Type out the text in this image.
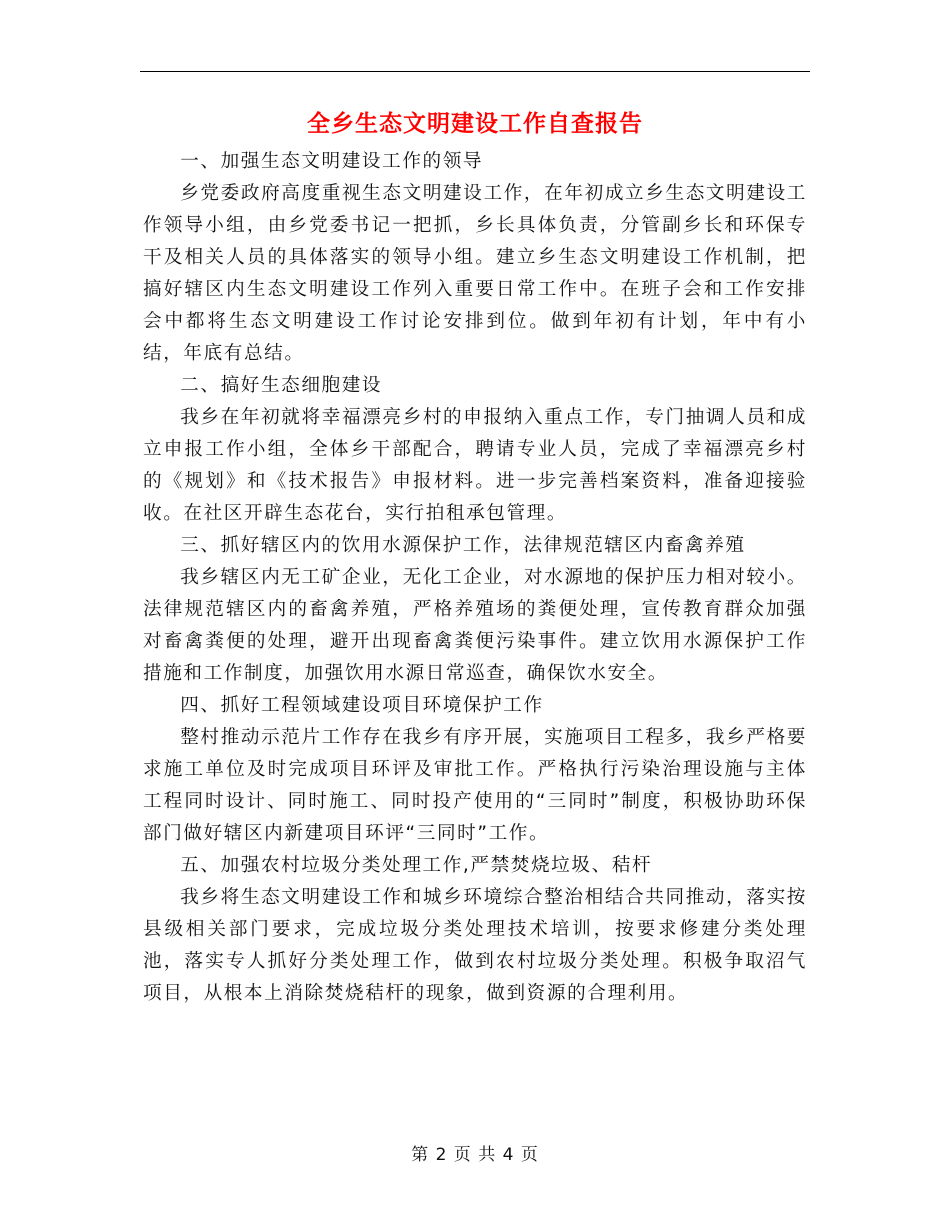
全乡生态文明建设工作自查报告

一、加强生态文明建设工作的领导

乡党委政府高度重视生态文明建设工作，在年初成立乡生态文明建设工作领导小组，由乡党委书记一把抓，乡长具体负责，分管副乡长和环保专干及相关人员的具体落实的领导小组。建立乡生态文明建设工作机制，把搞好辖区内生态文明建设工作列入重要日常工作中。在班子会和工作安排会中都将生态文明建设工作讨论安排到位。做到年初有计划，年中有小结，年底有总结。

二、搞好生态细胞建设

我乡在年初就将幸福漂亮乡村的申报纳入重点工作，专门抽调人员和成立申报工作小组，全体乡干部配合，聘请专业人员，完成了幸福漂亮乡村的《规划》和《技术报告》申报材料。进一步完善档案资料，准备迎接验收。在社区开辟生态花台，实行拍租承包管理。

三、抓好辖区内的饮用水源保护工作，法律规范辖区内畜禽养殖

我乡辖区内无工矿企业，无化工企业，对水源地的保护压力相对较小。法律规范辖区内的畜禽养殖，严格养殖场的粪便处理，宣传教育群众加强对畜禽粪便的处理，避开出现畜禽粪便污染事件。建立饮用水源保护工作措施和工作制度，加强饮用水源日常巡查，确保饮水安全。

四、抓好工程领域建设项目环境保护工作

整村推动示范片工作存在我乡有序开展，实施项目工程多，我乡严格要求施工单位及时完成项目环评及审批工作。严格执行污染治理设施与主体工程同时设计、同时施工、同时投产使用的“三同时”制度，积极协助环保部门做好辖区内新建项目环评“三同时”工作。

五、加强农村垃圾分类处理工作,严禁焚烧垃圾、秸杆

我乡将生态文明建设工作和城乡环境综合整治相结合共同推动，落实按县级相关部门要求，完成垃圾分类处理技术培训，按要求修建分类处理池，落实专人抓好分类处理工作，做到农村垃圾分类处理。积极争取沼气项目，从根本上消除焚烧秸杆的现象，做到资源的合理利用。

第 2 页 共 4 页
